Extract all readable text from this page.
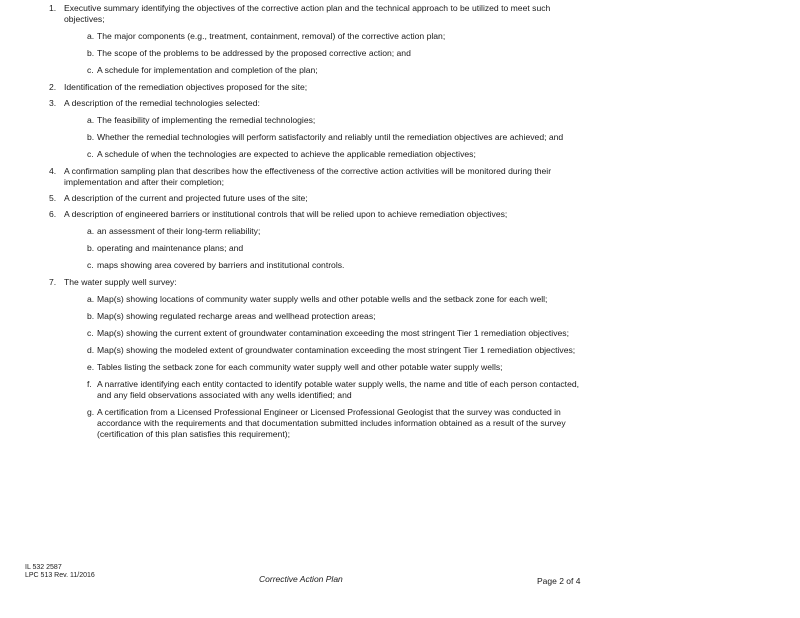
1. Executive summary identifying the objectives of the corrective action plan and the technical approach to be utilized to meet such objectives;
a. The major components (e.g., treatment, containment, removal) of the corrective action plan;
b. The scope of the problems to be addressed by the proposed corrective action; and
c. A schedule for implementation and completion of the plan;
2. Identification of the remediation objectives proposed for the site;
3. A description of the remedial technologies selected:
a. The feasibility of implementing the remedial technologies;
b. Whether the remedial technologies will perform satisfactorily and reliably until the remediation objectives are achieved; and
c. A schedule of when the technologies are expected to achieve the applicable remediation objectives;
4. A confirmation sampling plan that describes how the effectiveness of the corrective action activities will be monitored during their implementation and after their completion;
5. A description of the current and projected future uses of the site;
6. A description of engineered barriers or institutional controls that will be relied upon to achieve remediation objectives;
a. an assessment of their long-term reliability;
b. operating and maintenance plans; and
c. maps showing area covered by barriers and institutional controls.
7. The water supply well survey:
a. Map(s) showing locations of community water supply wells and other potable wells and the setback zone for each well;
b. Map(s) showing regulated recharge areas and wellhead protection areas;
c. Map(s) showing the current extent of groundwater contamination exceeding the most stringent Tier 1 remediation objectives;
d. Map(s) showing the modeled extent of groundwater contamination exceeding the most stringent Tier 1 remediation objectives;
e. Tables listing the setback zone for each community water supply well and other potable water supply wells;
f. A narrative identifying each entity contacted to identify potable water supply wells, the name and title of each person contacted, and any field observations associated with any wells identified; and
g. A certification from a Licensed Professional Engineer or Licensed Professional Geologist that the survey was conducted in accordance with the requirements and that documentation submitted includes information obtained as a result of the survey (certification of this plan satisfies this requirement);
IL 532 2587
LPC 513 Rev. 11/2016	Corrective Action Plan	Page 2 of 4
